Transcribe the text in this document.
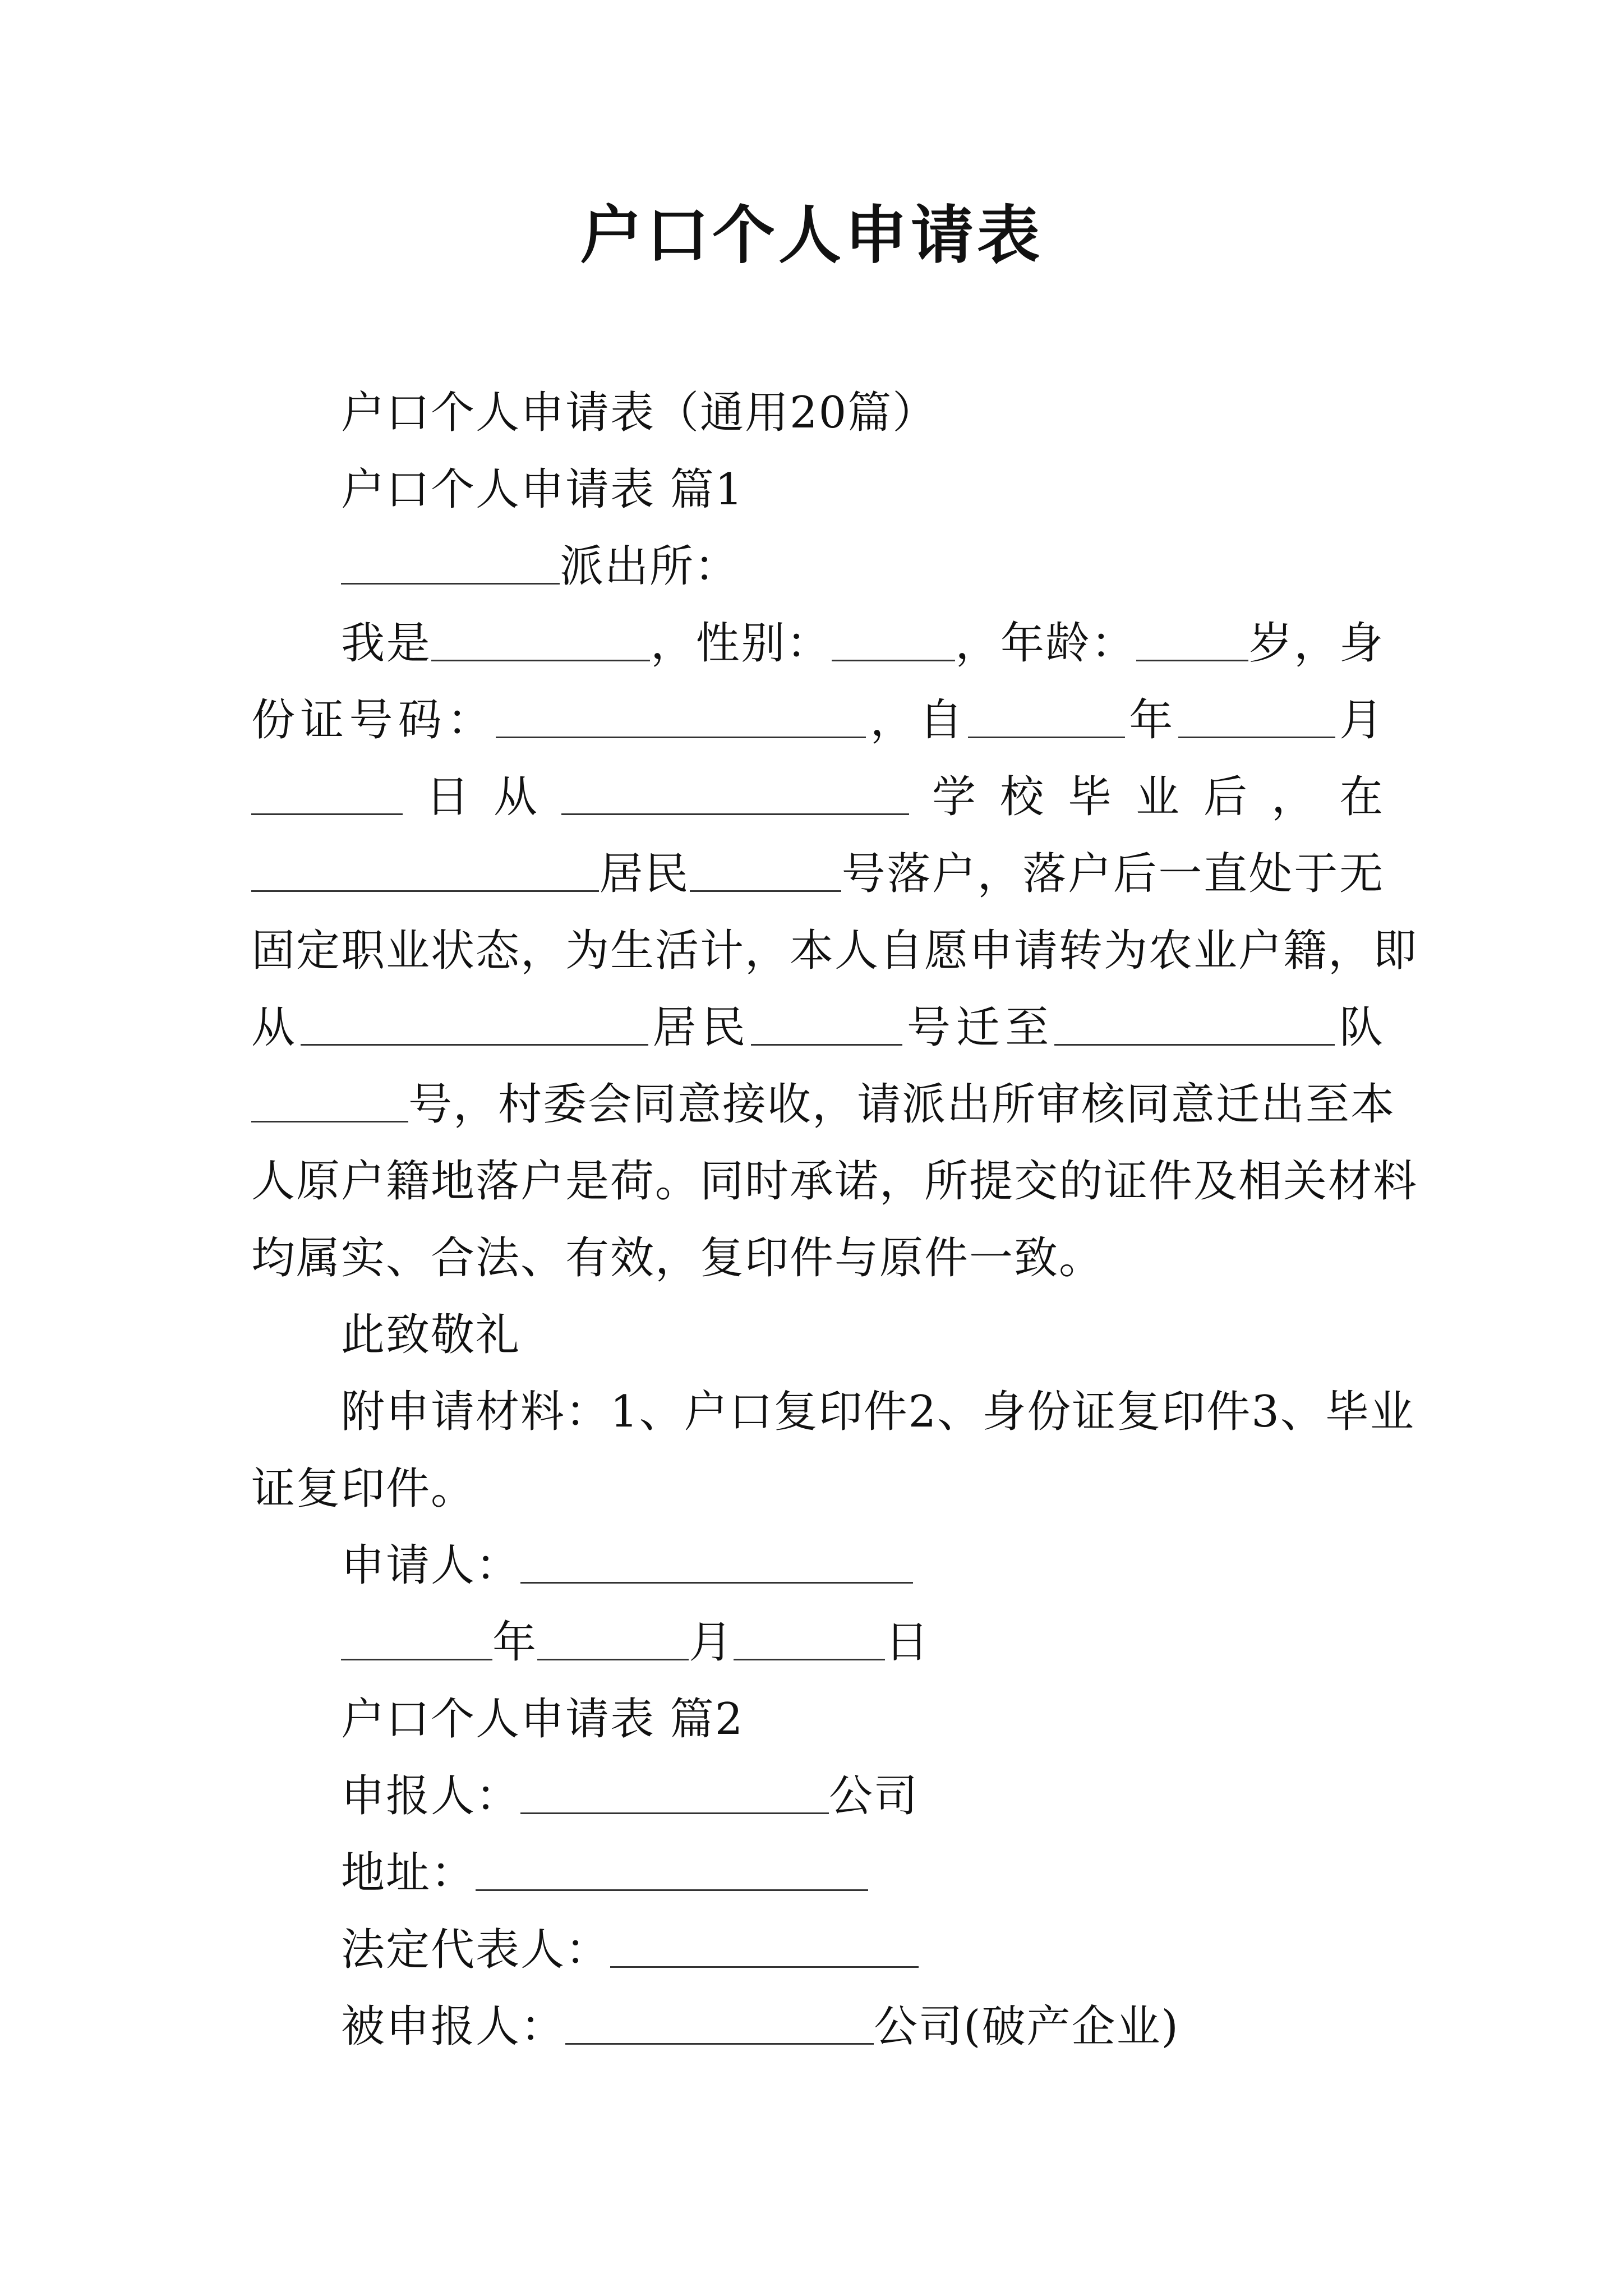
户口个人申请表

户口个人申请表（通用20篇）

户口个人申请表 篇1

派出所：

我是	，性别：	，年龄：	岁，身

份证号码：	，自	年	月

日从	学校毕业后，在

居民	号落户，落户后一直处于无

固定职业状态，为生活计，本人自愿申请转为农业户籍，即

从	居民	号迁至	队

号，村委会同意接收，请派出所审核同意迁出至本

人原户籍地落户是荷。同时承诺，所提交的证件及相关材料

均属实、合法、有效，复印件与原件一致。

此致敬礼

附申请材料：1、户口复印件2、身份证复印件3、毕业

证复印件。

申请人：

年	月	日

户口个人申请表 篇2

申报人：	公司

地址：

法定代表人：

被申报人：	公司(破产企业)
